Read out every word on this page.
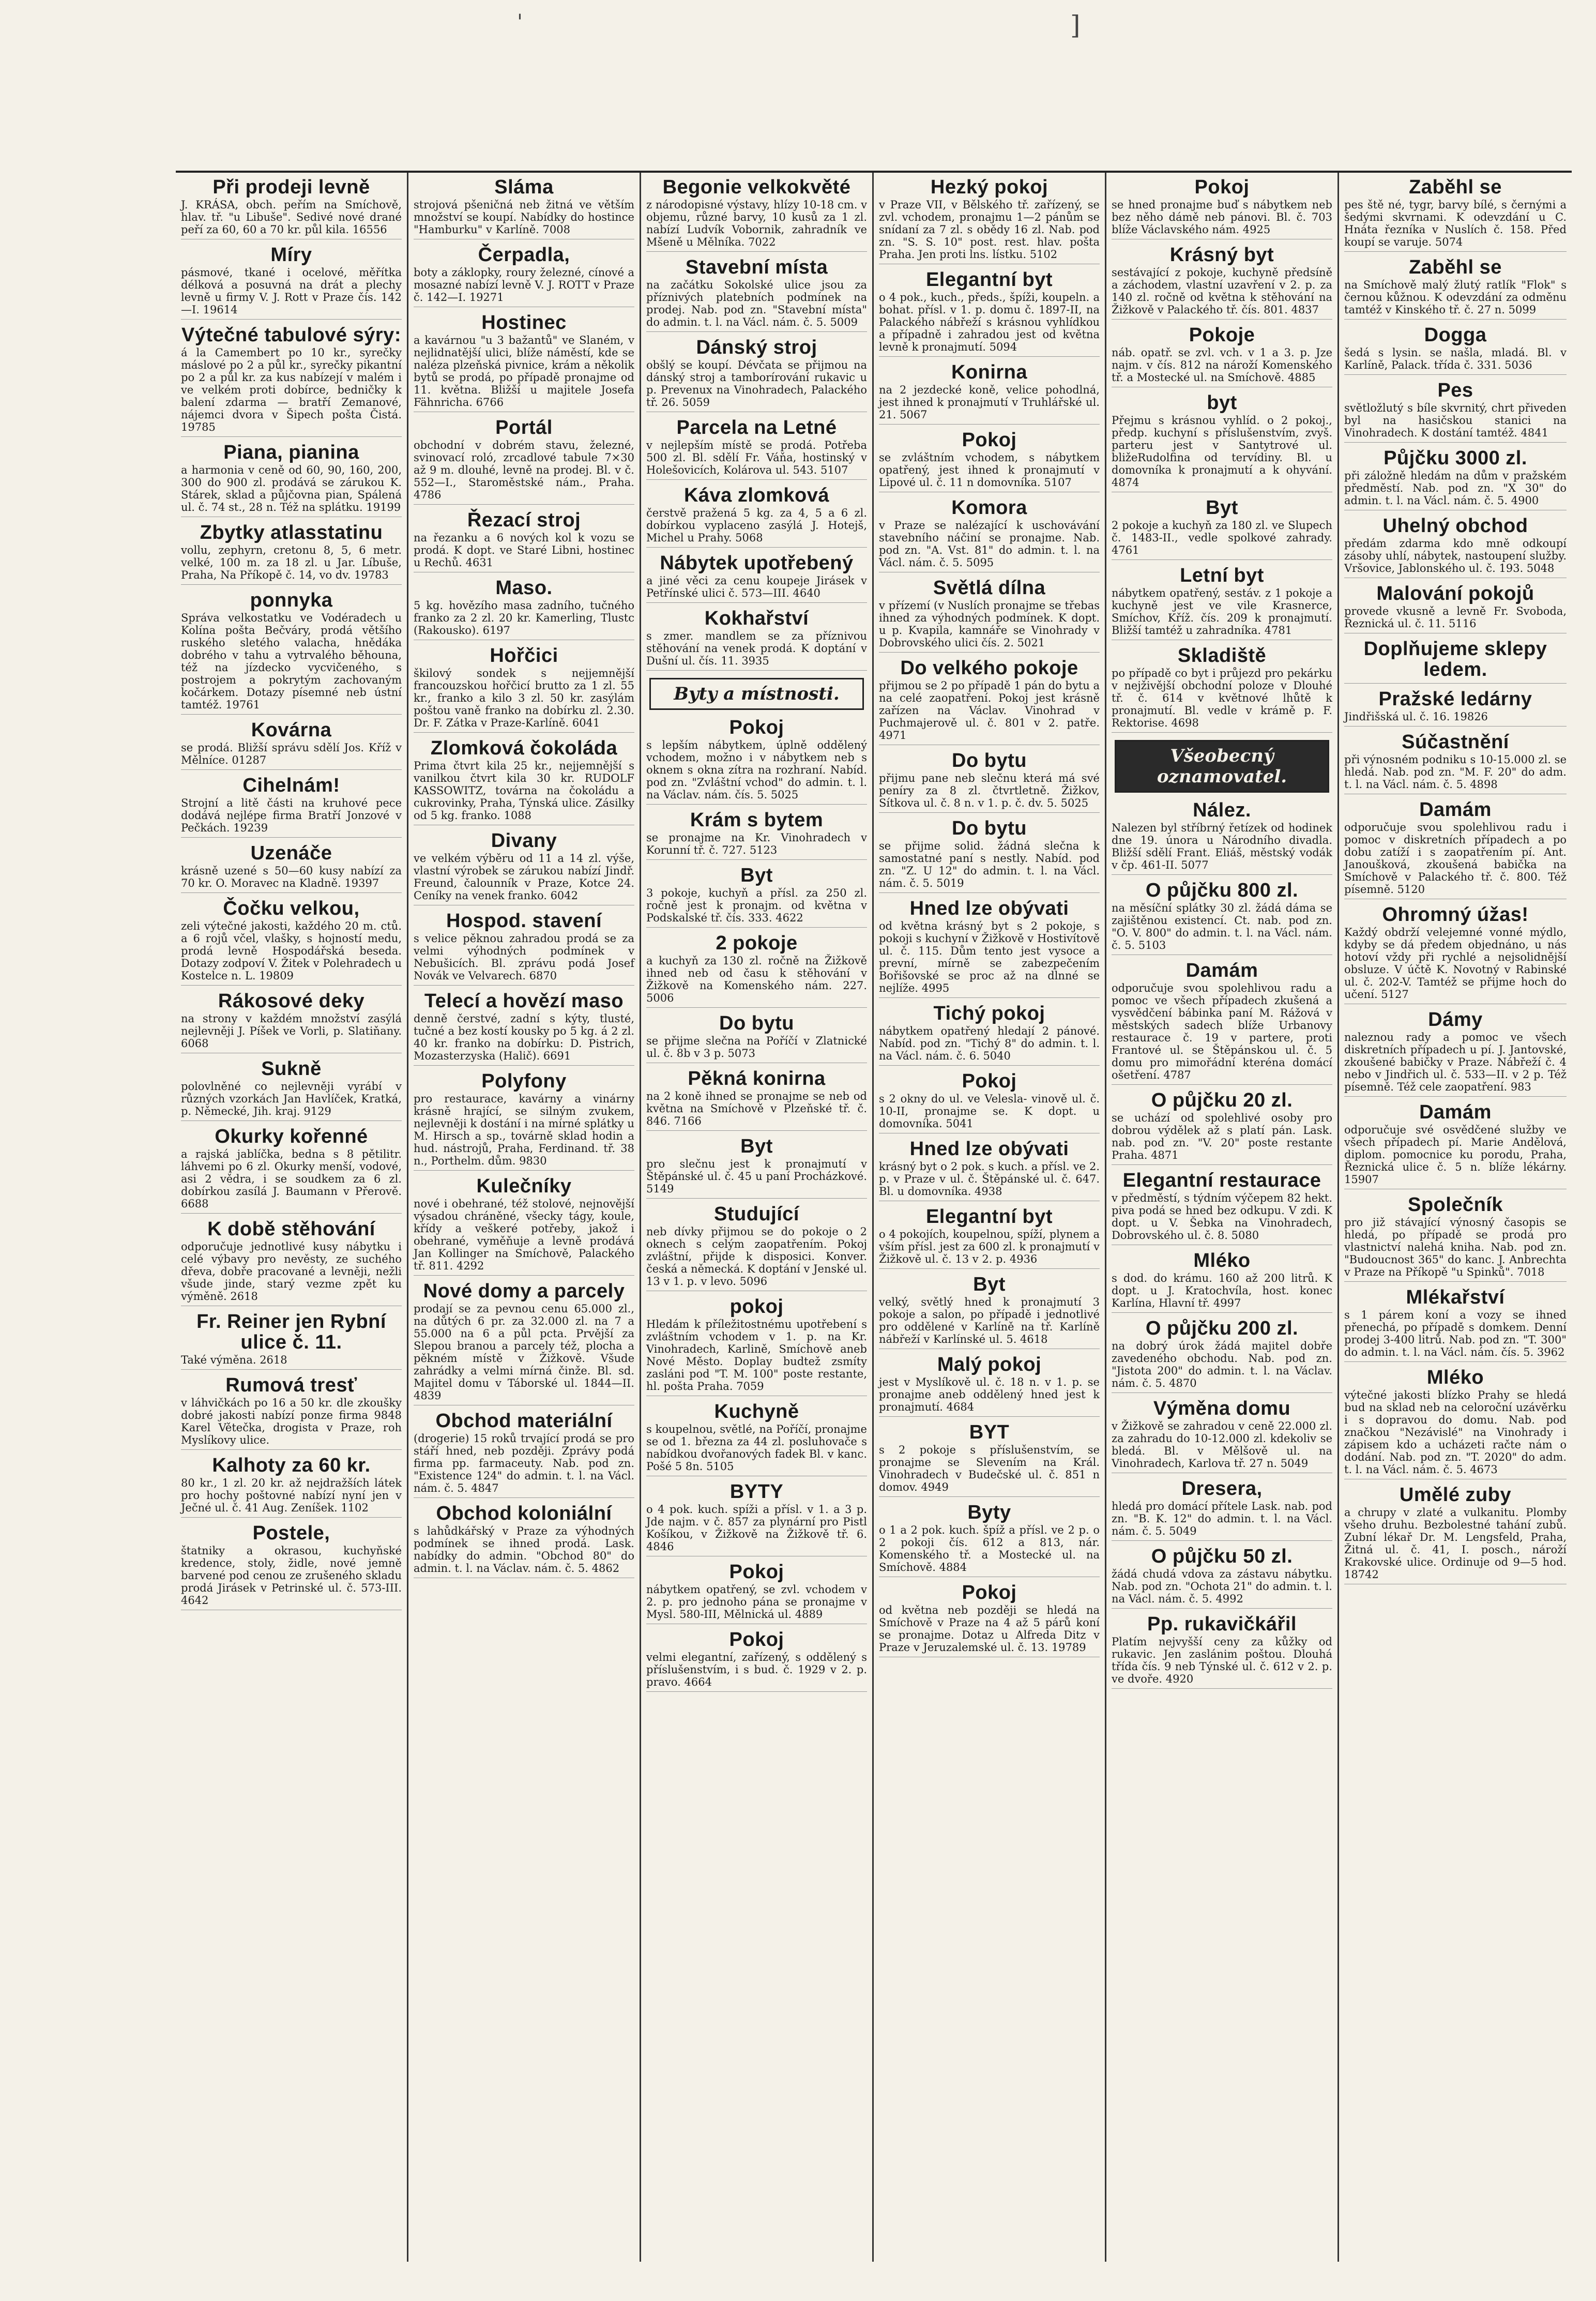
'	]
Při prodeji levně

J. KRÁSA, obch. peřím na Smíchově, hlav. tř. "u Libuše". Sedivé nové drané peří za 60, 60 a 70 kr. půl kila. 16556

Míry

pásmové, tkané i ocelové, měřítka délková a posuvná na drát a plechy levně u firmy V. J. Rott v Praze čís. 142—I. 19614

Výtečné tabulové sýry:

á la Camembert po 10 kr., syrečky máslové po 2 a půl kr., syrečky pikantní po 2 a půl kr. za kus nabízejí v malém i ve velkém proti dobírce, bedničky k balení zdarma — bratří Zemanové, nájemci dvora v Šipech pošta Čistá. 19785

Piana, pianina

a harmonia v ceně od 60, 90, 160, 200, 300 do 900 zl. prodává se zárukou K. Stárek, sklad a půjčovna pian, Spálená ul. č. 74 st., 28 n. Též na splátku. 19199

Zbytky atlasstatinu

vollu, zephyrn, cretonu 8, 5, 6 metr. velké, 100 m. za 18 zl. u Jar. Líbuše, Praha, Na Příkopě č. 14, vo dv. 19783

ponnyka

Správa velkostatku ve Vodéradech u Kolína pošta Bečváry, prodá většího ruského sletého valacha, hnědáka dobrého v tahu a vytrvalého běhouna, též na jízdecko vycvičeného, s postrojem a pokrytým zachovaným kočárkem. Dotazy písemné neb ústní tamtéž. 19761

Kovárna

se prodá. Bližší správu sdělí Jos. Kříž v Mělníce. 01287

Cihelnám!

Strojní a litě části na kruhové pece dodává nejlépe firma Bratří Jonzové v Pečkách. 19239

Uzenáče

krásně uzené s 50—60 kusy nabízí za 70 kr. O. Moravec na Kladně. 19397

Čočku velkou,

zeli výtečné jakosti, každého 20 m. ctů. a 6 rojů včel, vlašky, s hojností medu, prodá levně Hospodářská beseda. Dotazy zodpoví V. Žitek v Polehradech u Kostelce n. L. 19809

Rákosové deky

na strony v každém množství zasýlá nejlevněji J. Píšek ve Vorli, p. Slatiňany. 6068

Sukně

polovlněné co nejlevněji vyrábí v různých vzorkách Jan Havlíček, Kratká, p. Německé, Jih. kraj. 9129

Okurky kořenné

a rajská jablíčka, bedna s 8 pětilitr. láhvemi po 6 zl. Okurky menší, vodové, asi 2 vědra, i se soudkem za 6 zl. dobírkou zasílá J. Baumann v Přerově. 6688

K době stěhování

odporučuje jednotlivé kusy nábytku i celé výbavy pro nevěsty, ze suchého dřeva, dobře pracované a levněji, nežli všude jinde, starý vezme zpět ku výměně. 2618

Fr. Reiner jen Rybní ulice č. 11.

Také výměna. 2618

Rumová tresť

v láhvičkách po 16 a 50 kr. dle zkoušky dobré jakosti nabízí ponze firma 9848 Karel Větečka, drogista v Praze, roh Myslíkovy ulice.

Kalhoty za 60 kr.

80 kr., 1 zl. 20 kr. až nejdražších látek pro hochy poštovné nabízí nyní jen v Ječné ul. č. 41 Aug. Zeníšek. 1102

Postele,

štatniky a okrasou, kuchyňské kredence, stoly, židle, nové jemně barvené pod cenou ze zrušeného skladu prodá Jirásek v Petrinské ul. č. 573-III. 4642

Sláma

strojová pšeničná neb žitná ve větším množství se koupí. Nabídky do hostince "Hamburku" v Karlíně. 7008

Čerpadla,

boty a záklopky, roury železné, cínové a mosazné nabízí levně V. J. ROTT v Praze č. 142—I. 19271

Hostinec

a kavárnou "u 3 bažantů" ve Slaném, v nejlidnatější ulici, blíže náměstí, kde se naléza plzeňská pivnice, krám a několik bytů se prodá, po případě pronajme od 11. května. Bližší u majitele Josefa Fähnricha. 6766

Portál

obchodní v dobrém stavu, železné, svinovací roló, zrcadlové tabule 7×30 až 9 m. dlouhé, levně na prodej. Bl. v č. 552—I., Staroměstské nám., Praha. 4786

Řezací stroj

na řezanku a 6 nových kol k vozu se prodá. K dopt. ve Staré Libni, hostinec u Rechů. 4631

Maso.

5 kg. hovězího masa zadního, tučného franko za 2 zl. 20 kr. Kamerling, Tlustc (Rakousko). 6197

Hořčici

škilový sondek s nejjemnější francouzskou hořčicí brutto za 1 zl. 55 kr., franko a kilo 3 zl. 50 kr. zasýlám poštou vaně franko na dobírku zl. 2.30. Dr. F. Zátka v Praze-Karlíně. 6041

Zlomková čokoláda

Prima čtvrt kila 25 kr., nejjemnější s vanilkou čtvrt kila 30 kr. RUDOLF KASSOWITZ, továrna na čokoládu a cukrovinky, Praha, Týnská ulice. Zásilky od 5 kg. franko. 1088

Divany

ve velkém výběru od 11 a 14 zl. výše, vlastní výrobek se zárukou nabízí Jindř. Freund, čalounník v Praze, Kotce 24. Ceníky na venek franko. 6042

Hospod. stavení

s velice pěknou zahradou prodá se za velmi výhodných podmínek v Nebušicích. Bl. zprávu podá Josef Novák ve Velvarech. 6870

Telecí a hovězí maso

denně čerstvé, zadní s kýty, tlusté, tučné a bez kostí kousky po 5 kg. á 2 zl. 40 kr. franko na dobírku: D. Pistrich, Mozasterzyska (Halič). 6691

Polyfony

pro restaurace, kavárny a vinárny krásně hrající, se silným zvukem, nejlevněji k dostání i na mírné splátky u M. Hirsch a sp., továrně sklad hodin a hud. nástrojů, Praha, Ferdinand. tř. 38 n., Porthelm. dům. 9830

Kulečníky

nové i obehrané, též stolové, nejnovější výsadou chráněné, všecky tágy, koule, křídy a veškeré potřeby, jakož i obehrané, vyměňuje a levně prodává Jan Kollinger na Smíchově, Palackého tř. 811. 4292

Nové domy a parcely

prodají se za pevnou cenu 65.000 zl., na důtých 6 pr. za 32.000 zl. na 7 a 55.000 na 6 a půl pcta. Prvější za Slepou branou a parcely též, plocha a pěkném místě v Žižkově. Všude zahrádky a velmi mírná činže. Bl. sd. Majitel domu v Táborské ul. 1844—II. 4839

Obchod materiální

(drogerie) 15 roků trvající prodá se pro stáří hned, neb později. Zprávy podá firma pp. farmaceuty. Nab. pod zn. "Existence 124" do admin. t. l. na Václ. nám. č. 5. 4847

Obchod koloniální

s lahůdkářský v Praze za výhodných podmínek se ihned prodá. Lask. nabídky do admin. "Obchod 80" do admin. t. l. na Václav. nám. č. 5. 4862

Begonie velkokvěté

z národopisné výstavy, hlízy 10-18 cm. v objemu, různé barvy, 10 kusů za 1 zl. nabízí Ludvík Vobornik, zahradník ve Mšeně u Mělníka. 7022

Stavební místa

na začátku Sokolské ulice jsou za příznivých platebních podmínek na prodej. Nab. pod zn. "Stavební místa" do admin. t. l. na Václ. nám. č. 5. 5009

Dánský stroj

obšlý se koupí. Dévčata se přijmou na dánský stroj a tamborírování rukavic u p. Prevenux na Vinohradech, Palackého tř. 26. 5059

Parcela na Letné

v nejlepším místě se prodá. Potřeba 500 zl. Bl. sdělí Fr. Váňa, hostinský v Holešovicích, Kolárova ul. 543. 5107

Káva zlomková

čerstvě pražená 5 kg. za 4, 5 a 6 zl. dobírkou vyplaceno zasýlá J. Hotejš, Michel u Prahy. 5068

Nábytek upotřebený

a jiné věci za cenu koupeje Jirásek v Petřínské ulici č. 573—III. 4640

Kokhařství

s zmer. mandlem se za příznivou stěhování na venek prodá. K doptání v Dušní ul. čís. 11. 3935

Byty a místnosti.
Pokoj

s lepším nábytkem, úplně oddělený vchodem, možno i v nábytkem neb s oknem s okna zítra na rozhraní. Nabíd. pod zn. "Zvláštní vchod" do admin. t. l. na Václav. nám. čís. 5. 5025

Krám s bytem

se pronajme na Kr. Vinohradech v Korunní tř. č. 727. 5123

Byt

3 pokoje, kuchyň a přísl. za 250 zl. ročně jest k pronajm. od května v Podskalské tř. čís. 333. 4622

2 pokoje

a kuchyň za 130 zl. ročně na Žižkově ihned neb od času k stěhování v Žižkově na Komenského nám. 227. 5006

Do bytu

se přijme slečna na Poříčí v Zlatnické ul. č. 8b v 3 p. 5073

Pěkná konirna

na 2 koně ihned se pronajme se neb od května na Smíchově v Plzeňské tř. č. 846. 7166

Byt

pro slečnu jest k pronajmutí v Štěpánské ul. č. 45 u paní Procházkové. 5149

Studující

neb dívky přijmou se do pokoje o 2 oknech s celým zaopatřením. Pokoj zvláštní, přijde k disposici. Konver. česká a německá. K doptání v Jenské ul. 13 v 1. p. v levo. 5096

pokoj

Hledám k příležitostnému upotřebení s zvláštním vchodem v 1. p. na Kr. Vinohradech, Karlině, Smíchově aneb Nové Město. Doplay budtež zsmíty zasláni pod "T. M. 100" poste restante, hl. pošta Praha. 7059

Kuchyně

s koupelnou, světlé, na Poříčí, pronajme se od 1. března za 44 zl. posluhovače s nabídkou dvořanových fadek Bl. v kanc. Pošé 5 8n. 5105

BYTY

o 4 pok. kuch. spíži a přísl. v 1. a 3 p. Jde najm. v č. 857 za plynární pro Pistl Košíkou, v Žižkově na Žižkově tř. 6. 4846

Pokoj

nábytkem opatřený, se zvl. vchodem v 2. p. pro jednoho pána se pronajme v Mysl. 580-III, Mělnická ul. 4889

Pokoj

velmi elegantní, zařízený, s oddělený s příslušenstvím, i s bud. č. 1929 v 2. p. pravo. 4664

Hezký pokoj

v Praze VII, v Bělského tř. zařízený, se zvl. vchodem, pronajmu 1—2 pánům se snídaní za 7 zl. s obědy 16 zl. Nab. pod zn. "S. S. 10" post. rest. hlav. pošta Praha. Jen proti lns. lístku. 5102

Elegantní byt

o 4 pok., kuch., předs., špíži, koupeln. a bohat. přísl. v 1. p. domu č. 1897-II, na Palackého nábřeží s krásnou vyhlídkou a případně i zahradou jest od května levně k pronajmutí. 5094

Konirna

na 2 jezdecké koně, velice pohodlná, jest ihned k pronajmutí v Truhlářské ul. 21. 5067

Pokoj

se zvláštním vchodem, s nábytkem opatřený, jest ihned k pronajmutí v Lipové ul. č. 11 n domovníka. 5107

Komora

v Praze se nalézající k uschovávání stavebního náčiní se pronajme. Nab. pod zn. "A. Vst. 81" do admin. t. l. na Václ. nám. č. 5. 5095

Světlá dílna

v přízemí (v Nuslích pronajme se třebas ihned za výhodných podmínek. K dopt. u p. Kvapila, kamnáře se Vinohrady v Dobrovského ulici čís. 2. 5021

Do velkého pokoje

přijmou se 2 po případě 1 pán do bytu a na celé zaopatření. Pokoj jest krásně zařízen na Václav. Vinohrad v Puchmajerově ul. č. 801 v 2. patře. 4971

Do bytu

přijmu pane neb slečnu která má své peníry za 8 zl. čtvrtletně. Žižkov, Sítkova ul. č. 8 n. v 1. p. č. dv. 5. 5025

Do bytu

se přijme solid. žádná slečna k samostatné paní s nestly. Nabíd. pod zn. "Z. U 12" do admin. t. l. na Václ. nám. č. 5. 5019

Hned lze obývati

od května krásný byt s 2 pokoje, s pokoji s kuchyní v Žižkově v Hostivítově ul. č. 115. Dům tento jest vysoce a prevní, mírně se zabezpečením Bořišovské se proc až na dlnné se nejlíže. 4995

Tichý pokoj

nábytkem opatřený hledají 2 pánové. Nabíd. pod zn. "Tichý 8" do admin. t. l. na Václ. nám. č. 6. 5040

Pokoj

s 2 okny do ul. ve Velesla- vinově ul. č. 10-II, pronajme se. K dopt. u domovníka. 5041

Hned lze obývati

krásný byt o 2 pok. s kuch. a přísl. ve 2. p. v Praze v ul. č. Štěpánské ul. č. 647. Bl. u domovníka. 4938

Elegantní byt

o 4 pokojích, koupelnou, spíží, plynem a vším přísl. jest za 600 zl. k pronajmutí v Žižkově ul. č. 13 v 2. p. 4936

Byt

velký, světlý hned k pronajmutí 3 pokoje a salon, po případě i jednotlivé pro oddělené v Karlíně na tř. Karlíně nábřeží v Karlínské ul. 5. 4618

Malý pokoj

jest v Myslíkově ul. č. 18 n. v 1. p. se pronajme aneb oddělený hned jest k pronajmutí. 4684

BYT

s 2 pokoje s příslušenstvím, se pronajme se Slevením na Král. Vinohradech v Budečské ul. č. 851 n domov. 4949

Byty

o 1 a 2 pok. kuch. špíž a přísl. ve 2 p. o 2 pokoji čís. 612 a 813, nár. Komenského tř. a Mostecké ul. na Smíchově. 4884

Pokoj

od května neb později se hledá na Smíchově v Praze na 4 až 5 párů koní se pronajme. Dotaz u Alfreda Ditz v Praze v Jeruzalemské ul. č. 13. 19789

Pokoj

se hned pronajme buď s nábytkem neb bez něho dámě neb pánovi. Bl. č. 703 blíže Václavského nám. 4925

Krásný byt

sestávající z pokoje, kuchyně předsíně a záchodem, vlastní uzavření v 2. p. za 140 zl. ročně od května k stěhování na Žižkově v Palackého tř. čís. 801. 4837

Pokoje

náb. opatř. se zvl. vch. v 1 a 3. p. Jze najm. v čís. 812 na nároží Komenského tř. a Mostecké ul. na Smíchově. 4885

byt

Přejmu s krásnou vyhlíd. o 2 pokoj., předp. kuchyní s příslušenstvím, zvyš. parteru jest v Santytrové ul. bližeRudolfina od tervídiny. Bl. u domovníka k pronajmutí a k ohyvání. 4874

Byt

2 pokoje a kuchyň za 180 zl. ve Slupech č. 1483-II., vedle spolkové zahrady. 4761

Letní byt

nábytkem opatřený, sestáv. z 1 pokoje a kuchyně jest ve vile Krasnerce, Smíchov, Kříž. čís. 209 k pronajmutí. Bližší tamtéž u zahradníka. 4781

Skladiště

po případě co byt i průjezd pro pekárku v nejživější obchodní poloze v Dlouhé tř. č. 614 v květnové lhůtě k pronajmutí. Bl. vedle v krámě p. F. Rektorise. 4698

Všeobecný oznamovatel.
Nález.

Nalezen byl stříbrný řetízek od hodinek dne 19. února u Národního divadla. Bližší sdělí Frant. Eliáš, městský vodák v čp. 461-II. 5077

O půjčku 800 zl.

na měsíční splátky 30 zl. žádá dáma se zajištěnou existencí. Ct. nab. pod zn. "O. V. 800" do admin. t. l. na Václ. nám. č. 5. 5103

Damám

odporučuje svou spolehlivou radu a pomoc ve všech případech zkušená a vysvědčení bábinka paní M. Rážová v městských sadech blíže Urbanovy restaurace č. 19 v partere, proti Frantové ul. se Štěpánskou ul. č. 5 domu pro mimořádní kteréna domácí ošetření. 4787

O půjčku 20 zl.

se uchází od spolehlivé osoby pro dobrou výdělek až s platí pán. Lask. nab. pod zn. "V. 20" poste restante Praha. 4871

Elegantní restaurace

v předměstí, s týdním výčepem 82 hekt. piva podá se hned bez odkupu. V zdi. K dopt. u V. Šebka na Vinohradech, Dobrovského ul. č. 8. 5080

Mléko

s dod. do krámu. 160 až 200 litrů. K dopt. u J. Kratochvíla, host. konec Karlína, Hlavní tř. 4997

O půjčku 200 zl.

na dobrý úrok žádá majitel dobře zavedeného obchodu. Nab. pod zn. "Jistota 200" do admin. t. l. na Václav. nám. č. 5. 4870

Výměna domu

v Žižkově se zahradou v ceně 22.000 zl. za zahradu do 10-12.000 zl. kdekoliv se bledá. Bl. v Mělšově ul. na Vinohradech, Karlova tř. 27 n. 5049

Dresera,

hledá pro domácí přítele Lask. nab. pod zn. "B. K. 12" do admin. t. l. na Václ. nám. č. 5. 5049

O půjčku 50 zl.

žádá chudá vdova za zástavu nábytku. Nab. pod zn. "Ochota 21" do admin. t. l. na Václ. nám. č. 5. 4992

Pp. rukavičkářil

Platím nejvyšší ceny za kůžky od rukavic. Jen zaslánim poštou. Dlouhá třída čís. 9 neb Týnské ul. č. 612 v 2. p. ve dvoře. 4920

Zaběhl se

pes ště né, tygr, barvy bílé, s černými a šedými skvrnami. K odevzdání u C. Hnáta řezníka v Nuslích č. 158. Před koupí se varuje. 5074

Zaběhl se

na Smíchově malý žlutý ratlík "Flok" s černou kůžnou. K odevzdání za odměnu tamtéž v Kinského tř. č. 27 n. 5099

Dogga

šedá s lysin. se našla, mladá. Bl. v Karlíně, Palack. třída č. 331. 5036

Pes

světložlutý s bíle skvrnitý, chrt přiveden byl na hasičskou stanici na Vinohradech. K dostání tamtéž. 4841

Půjčku 3000 zl.

při záložně hledám na dům v pražském předměstí. Nab. pod zn. "X 30" do admin. t. l. na Václ. nám. č. 5. 4900

Uhelný obchod

předám zdarma kdo mně odkoupí zásoby uhlí, nábytek, nastoupení služby. Vršovice, Jablonského ul. č. 193. 5048

Malování pokojů

provede vkusně a levně Fr. Svoboda, Řeznická ul. č. 11. 5116

Doplňujeme sklepy ledem.
Pražské ledárny

Jindřišská ul. č. 16. 19826

Súčastnění

při výnosném podniku s 10-15.000 zl. se hledá. Nab. pod zn. "M. F. 20" do adm. t. l. na Václ. nám. č. 5. 4898

Damám

odporučuje svou spolehlivou radu i pomoc v diskretních případech a po dobu zatíží i s zaopatřením pí. Ant. Janoušková, zkoušená babička na Smíchově v Palackého tř. č. 800. Též písemně. 5120

Ohromný úžas!

Každý obdrží velejemné vonné mýdlo, kdyby se dá předem objednáno, u nás hotoví vždy při rychlé a nejsolidnější obsluze. V účtě K. Novotný v Rabinské ul. č. 202-V. Tamtéž se přijme hoch do učení. 5127

Dámy

naleznou rady a pomoc ve všech diskretních případech u pí. J. Jantovské, zkoušené babičky v Praze. Nábřeží č. 4 nebo v Jindřich ul. č. 533—II. v 2 p. Též písemně. Též cele zaopatření. 983

Damám

odporučuje své osvědčené služby ve všech případech pí. Marie Andělová, diplom. pomocnice ku porodu, Praha, Řeznická ulice č. 5 n. blíže lékárny. 15907

Společník

pro již stávající výnosný časopis se hledá, po případě se prodá pro vlastnictví nalehá kniha. Nab. pod zn. "Budoucnost 365" do kanc. J. Anbrechta v Praze na Příkopě "u Spinků". 7018

Mlékařství

s 1 párem koní a vozy se ihned přenechá, po případě s domkem. Denní prodej 3-400 litrů. Nab. pod zn. "T. 300" do admin. t. l. na Václ. nám. čís. 5. 3962

Mléko

výtečné jakosti blízko Prahy se hledá bud na sklad neb na celoroční uzávěrku i s dopravou do domu. Nab. pod značkou "Nezávislé" na Vinohrady i zápisem kdo a ucházeti račte nám o dodání. Nab. pod zn. "T. 2020" do adm. t. l. na Václ. nám. č. 5. 4673

Umělé zuby

a chrupy v zlaté a vulkanitu. Plomby všeho druhu. Bezbolestné tahání zubů. Zubní lékař Dr. M. Lengsfeld, Praha, Žitná ul. č. 41, I. posch., nároží Krakovské ulice. Ordinuje od 9—5 hod. 18742
